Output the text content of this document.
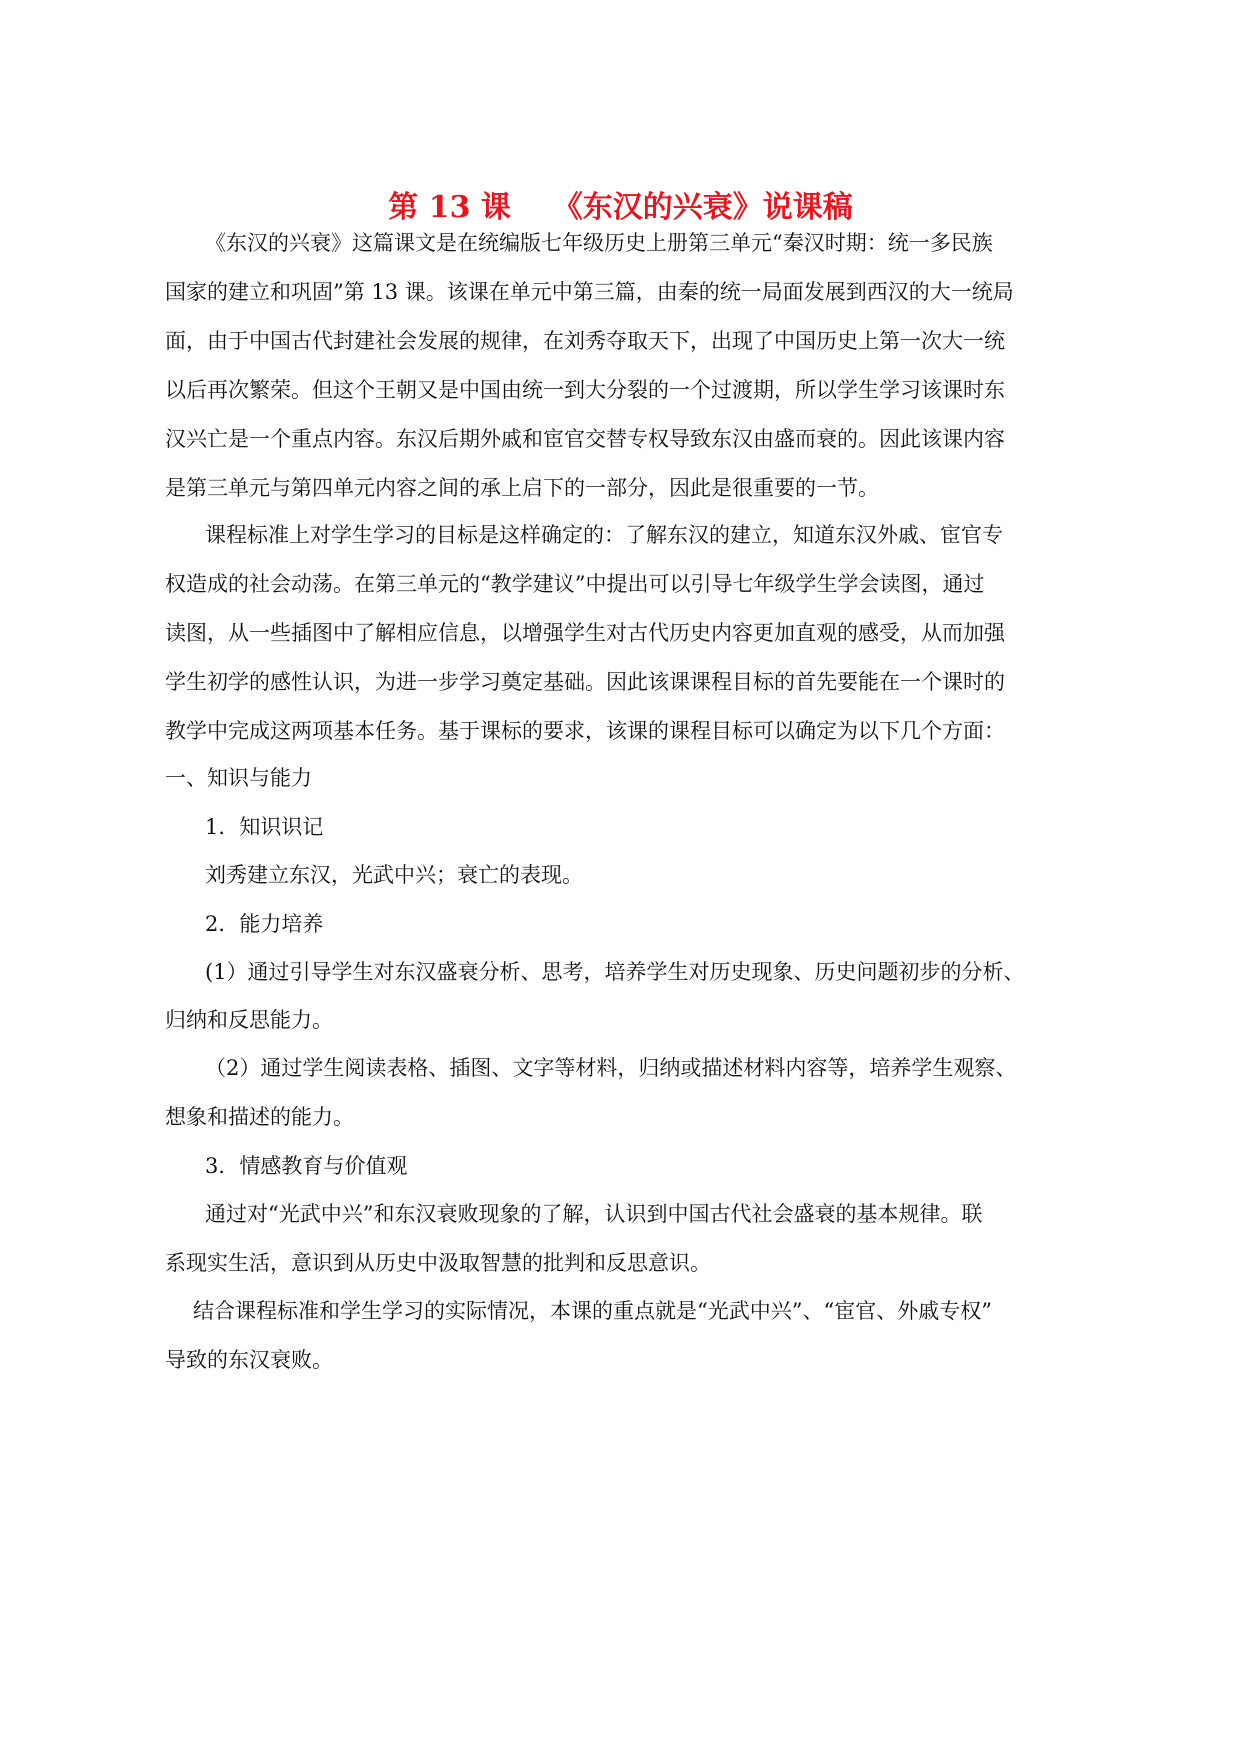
第 13 课    《东汉的兴衰》说课稿
《东汉的兴衰》这篇课文是在统编版七年级历史上册第三单元“秦汉时期：统一多民族
国家的建立和巩固”第 13 课。该课在单元中第三篇，由秦的统一局面发展到西汉的大一统局
面，由于中国古代封建社会发展的规律，在刘秀夺取天下，出现了中国历史上第一次大一统
以后再次繁荣。但这个王朝又是中国由统一到大分裂的一个过渡期，所以学生学习该课时东
汉兴亡是一个重点内容。东汉后期外戚和宦官交替专权导致东汉由盛而衰的。因此该课内容
是第三单元与第四单元内容之间的承上启下的一部分，因此是很重要的一节。
课程标准上对学生学习的目标是这样确定的：了解东汉的建立，知道东汉外戚、宦官专
权造成的社会动荡。在第三单元的“教学建议”中提出可以引导七年级学生学会读图，通过
读图，从一些插图中了解相应信息，以增强学生对古代历史内容更加直观的感受，从而加强
学生初学的感性认识，为进一步学习奠定基础。因此该课课程目标的首先要能在一个课时的
教学中完成这两项基本任务。基于课标的要求，该课的课程目标可以确定为以下几个方面：
一、知识与能力
1．知识识记
刘秀建立东汉，光武中兴；衰亡的表现。
2．能力培养
(1）通过引导学生对东汉盛衰分析、思考，培养学生对历史现象、历史问题初步的分析、
归纳和反思能力。
（2）通过学生阅读表格、插图、文字等材料，归纳或描述材料内容等，培养学生观察、
想象和描述的能力。
3．情感教育与价值观
通过对“光武中兴”和东汉衰败现象的了解，认识到中国古代社会盛衰的基本规律。联
系现实生活，意识到从历史中汲取智慧的批判和反思意识。
结合课程标准和学生学习的实际情况，本课的重点就是“光武中兴”、“宦官、外戚专权”
导致的东汉衰败。
